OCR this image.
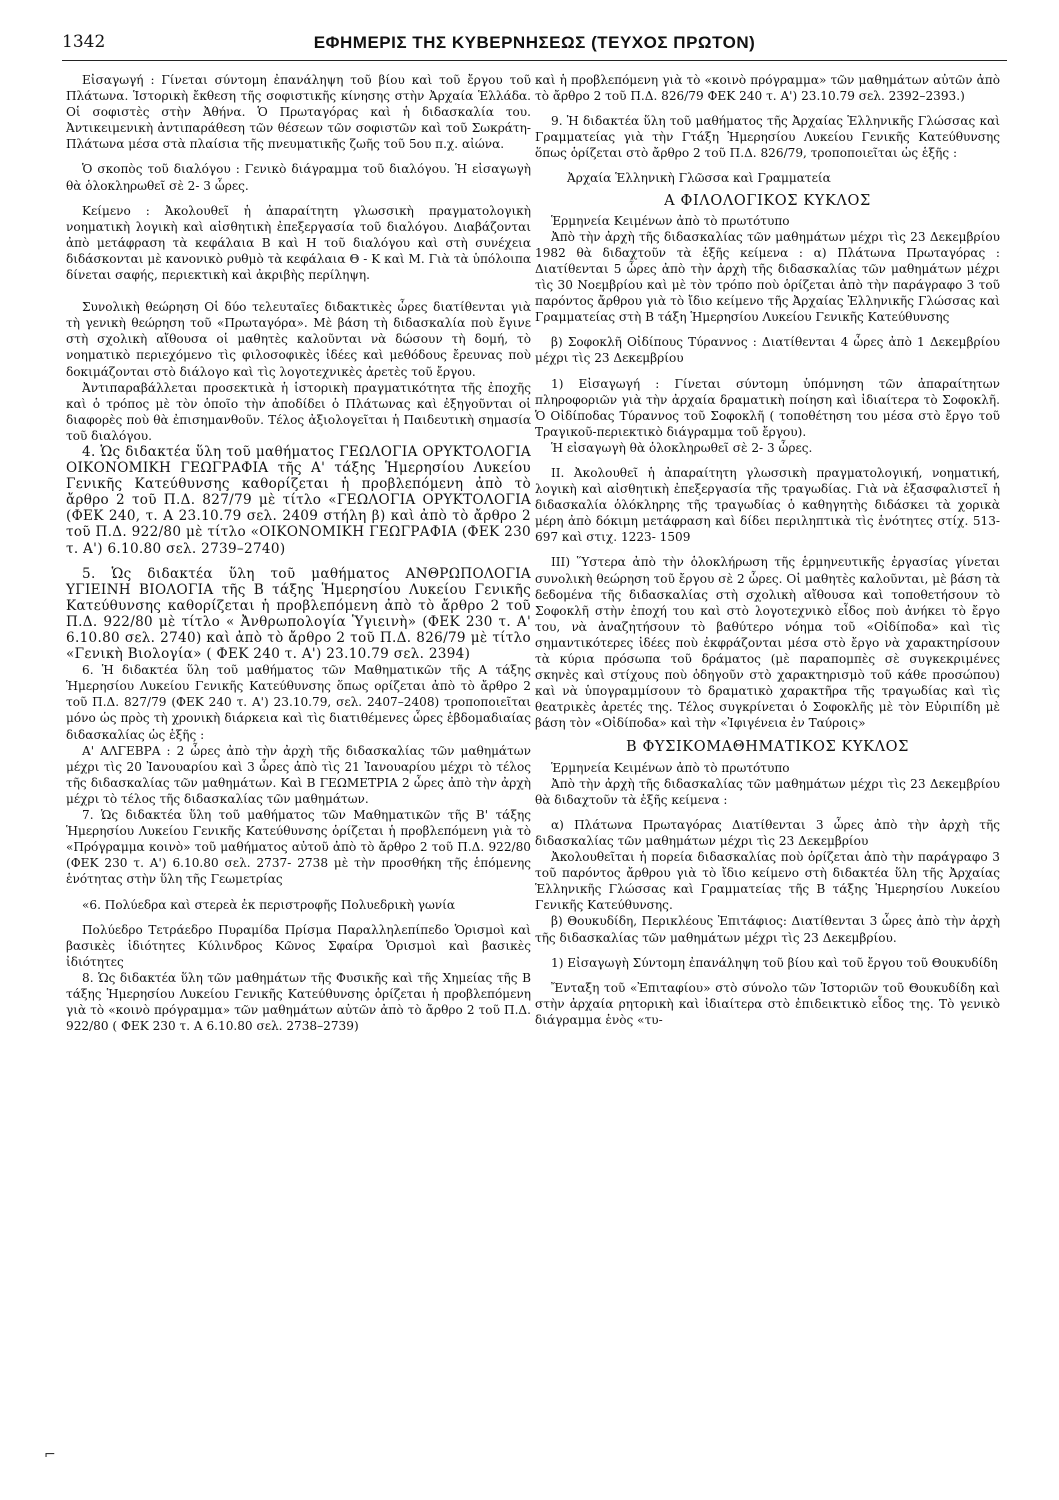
1342	ΕΦΗΜΕΡΙΣ ΤΗΣ ΚΥΒΕΡΝΗΣΕΩΣ (ΤΕΥΧΟΣ ΠΡΩΤΟΝ)

Εἰσαγωγή : Γίνεται σύντομη ἐπανάληψη τοῦ βίου καὶ τοῦ ἔργου τοῦ Πλάτωνα. Ἱστορικὴ ἔκθεση τῆς σοφιστικῆς κίνησης στὴν Ἀρχαία Ἑλλάδα. Οἱ σοφιστὲς στὴν Ἀθήνα. Ὁ Πρωταγόρας καὶ ἡ διδασκαλία του. Ἀντικειμενικὴ ἀντιπαράθεση τῶν θέσεων τῶν σοφιστῶν καὶ τοῦ Σωκράτη-Πλάτωνα μέσα στὰ πλαίσια τῆς πνευματικῆς ζωῆς τοῦ 5ου π.χ. αἰώνα.

Ὁ σκοπὸς τοῦ διαλόγου : Γενικὸ διάγραμμα τοῦ διαλόγου. Ἡ εἰσαγωγὴ θὰ ὁλοκληρωθεῖ σὲ 2- 3 ὧρες.

Κείμενο : Ἀκολουθεῖ ἡ ἀπαραίτητη γλωσσικὴ πραγματολογικὴ νοηματικὴ λογικὴ καὶ αἰσθητικὴ ἐπεξεργασία τοῦ διαλόγου. Διαβάζονται ἀπὸ μετάφραση τὰ κεφάλαια Β καὶ Η τοῦ διαλόγου καὶ στὴ συνέχεια διδάσκονται μὲ κανονικὸ ρυθμὸ τὰ κεφάλαια Θ - Κ καὶ Μ. Γιὰ τὰ ὑπόλοιπα δίνεται σαφής, περιεκτικὴ καὶ ἀκριβὴς περίληψη.

Συνολικὴ θεώρηση Οἱ δύο τελευταῖες διδακτικὲς ὧρες διατίθενται γιὰ τὴ γενικὴ θεώρηση τοῦ «Πρωταγόρα». Μὲ βάση τὴ διδασκαλία ποὺ ἔγινε στὴ σχολικὴ αἴθουσα οἱ μαθητὲς καλοῦνται νὰ δώσουν τὴ δομή, τὸ νοηματικὸ περιεχόμενο τὶς φιλοσοφικὲς ἰδέες καὶ μεθόδους ἔρευνας ποὺ δοκιμάζονται στὸ διάλογο καὶ τὶς λογοτεχνικὲς ἀρετὲς τοῦ ἔργου.

Ἀντιπαραβάλλεται προσεκτικὰ ἡ ἱστορικὴ πραγματικότητα τῆς ἐποχῆς καὶ ὁ τρόπος μὲ τὸν ὁποῖο τὴν ἀποδίδει ὁ Πλάτωνας καὶ ἐξηγοῦνται οἱ διαφορὲς ποὺ θὰ ἐπισημανθοῦν. Τέλος ἀξιολογεῖται ἡ Παιδευτικὴ σημασία τοῦ διαλόγου.

4. Ὡς διδακτέα ὕλη τοῦ μαθήματος ΓΕΩΛΟΓΙΑ ΟΡΥΚΤΟΛΟΓΙΑ ΟΙΚΟΝΟΜΙΚΗ ΓΕΩΓΡΑΦΙΑ τῆς Α' τάξης Ἡμερησίου Λυκείου Γενικῆς Κατεύθυνσης καθορίζεται ἡ προβλεπόμενη ἀπὸ τὸ ἄρθρο 2 τοῦ Π.Δ. 827/79 μὲ τίτλο «ΓΕΩΛΟΓΙΑ ΟΡΥΚΤΟΛΟΓΙΑ (ΦΕΚ 240, τ. Α 23.10.79 σελ. 2409 στήλη β) καὶ ἀπὸ τὸ ἄρθρο 2 τοῦ Π.Δ. 922/80 μὲ τίτλο «ΟΙΚΟΝΟΜΙΚΗ ΓΕΩΓΡΑΦΙΑ (ΦΕΚ 230 τ. Α') 6.10.80 σελ. 2739–2740)

5. Ὡς διδακτέα ὕλη τοῦ μαθήματος ΑΝΘΡΩΠΟΛΟΓΙΑ ΥΓΙΕΙΝΗ ΒΙΟΛΟΓΙΑ τῆς Β τάξης Ἡμερησίου Λυκείου Γενικῆς Κατεύθυνσης καθορίζεται ἡ προβλεπόμενη ἀπὸ τὸ ἄρθρο 2 τοῦ Π.Δ. 922/80 μὲ τίτλο « Ἀνθρωπολογία Ὑγιεινὴ» (ΦΕΚ 230 τ. Α' 6.10.80 σελ. 2740) καὶ ἀπὸ τὸ ἄρθρο 2 τοῦ Π.Δ. 826/79 μὲ τίτλο «Γενικὴ Βιολογία» ( ΦΕΚ 240 τ. Α') 23.10.79 σελ. 2394)

6. Ἡ διδακτέα ὕλη τοῦ μαθήματος τῶν Μαθηματικῶν τῆς Α τάξης Ἡμερησίου Λυκείου Γενικῆς Κατεύθυνσης ὅπως ορίζεται ἀπὸ τὸ ἄρθρο 2 τοῦ Π.Δ. 827/79 (ΦΕΚ 240 τ. Α') 23.10.79, σελ. 2407–2408) τροποποιεῖται μόνο ὡς πρὸς τὴ χρονικὴ διάρκεια καὶ τὶς διατιθέμενες ὧρες ἑβδομαδιαίας διδασκαλίας ὡς ἑξῆς :

Α' ΑΛΓΕΒΡΑ : 2 ὧρες ἀπὸ τὴν ἀρχὴ τῆς διδασκαλίας τῶν μαθημάτων μέχρι τὶς 20 Ἰανουαρίου καὶ 3 ὧρες ἀπὸ τὶς 21 Ἰανουαρίου μέχρι τὸ τέλος τῆς διδασκαλίας τῶν μαθημάτων. Καὶ Β ΓΕΩΜΕΤΡΙΑ 2 ὧρες ἀπὸ τὴν ἀρχὴ μέχρι τὸ τέλος τῆς διδασκαλίας τῶν μαθημάτων.

7. Ὡς διδακτέα ὕλη τοῦ μαθήματος τῶν Μαθηματικῶν τῆς Β' τάξης Ἡμερησίου Λυκείου Γενικῆς Κατεύθυνσης ὁρίζεται ἡ προβλεπόμενη γιὰ τὸ «Πρόγραμμα κοινὸ» τοῦ μαθήματος αὐτοῦ ἀπὸ τὸ ἄρθρο 2 τοῦ Π.Δ. 922/80 (ΦΕΚ 230 τ. Α') 6.10.80 σελ. 2737- 2738 μὲ τὴν προσθήκη τῆς ἑπόμενης ἑνότητας στὴν ὕλη τῆς Γεωμετρίας

«6. Πολύεδρα καὶ στερεὰ ἐκ περιστροφῆς Πολυεδρικὴ γωνία

Πολύεδρο Τετράεδρο Πυραμίδα Πρίσμα Παραλληλεπίπεδο Ὁρισμοὶ καὶ βασικὲς ἰδιότητες Κύλινδρος Κῶνος Σφαίρα Ὁρισμοὶ καὶ βασικὲς ἰδιότητες

8. Ὡς διδακτέα ὕλη τῶν μαθημάτων τῆς Φυσικῆς καὶ τῆς Χημείας τῆς Β τάξης Ἡμερησίου Λυκείου Γενικῆς Κατεύθυνσης ὁρίζεται ἡ προβλεπόμενη γιὰ τὸ «κοινὸ πρόγραμμα» τῶν μαθημάτων αὐτῶν ἀπὸ τὸ ἄρθρο 2 τοῦ Π.Δ. 922/80 ( ΦΕΚ 230 τ. Α 6.10.80 σελ. 2738–2739)

καὶ ἡ προβλεπόμενη γιὰ τὸ «κοινὸ πρόγραμμα» τῶν μαθημάτων αὐτῶν ἀπὸ τὸ ἄρθρο 2 τοῦ Π.Δ. 826/79 ΦΕΚ 240 τ. Α') 23.10.79 σελ. 2392–2393.)

9. Ἡ διδακτέα ὕλη τοῦ μαθήματος τῆς Ἀρχαίας Ἑλληνικῆς Γλώσσας καὶ Γραμματείας γιὰ τὴν Γτάξη Ἡμερησίου Λυκείου Γενικῆς Κατεύθυνσης ὅπως ὁρίζεται στὸ ἄρθρο 2 τοῦ Π.Δ. 826/79, τροποποιεῖται ὡς ἑξῆς :

Ἀρχαία Ἑλληνικὴ Γλῶσσα καὶ Γραμματεία

Α ΦΙΛΟΛΟΓΙΚΟΣ ΚΥΚΛΟΣ

Ἑρμηνεία Κειμένων ἀπὸ τὸ πρωτότυπο

Ἀπὸ τὴν ἀρχὴ τῆς διδασκαλίας τῶν μαθημάτων μέχρι τὶς 23 Δεκεμβρίου 1982 θὰ διδαχτοῦν τὰ ἑξῆς κείμενα : α) Πλάτωνα Πρωταγόρας : Διατίθενται 5 ὧρες ἀπὸ τὴν ἀρχὴ τῆς διδασκαλίας τῶν μαθημάτων μέχρι τὶς 30 Νοεμβρίου καὶ μὲ τὸν τρόπο ποὺ ὁρίζεται ἀπὸ τὴν παράγραφο 3 τοῦ παρόντος ἄρθρου γιὰ τὸ ἴδιο κείμενο τῆς Ἀρχαίας Ἑλληνικῆς Γλώσσας καὶ Γραμματείας στὴ Β τάξη Ἡμερησίου Λυκείου Γενικῆς Κατεύθυνσης

β) Σοφοκλῆ Οἰδίπους Τύραννος : Διατίθενται 4 ὧρες ἀπὸ 1 Δεκεμβρίου μέχρι τὶς 23 Δεκεμβρίου

1) Εἰσαγωγή : Γίνεται σύντομη ὑπόμνηση τῶν ἀπαραίτητων πληροφοριῶν γιὰ τὴν ἀρχαία δραματικὴ ποίηση καὶ ἰδιαίτερα τὸ Σοφοκλῆ. Ὁ Οἰδίποδας Τύραννος τοῦ Σοφοκλῆ ( τοποθέτηση του μέσα στὸ ἔργο τοῦ Τραγικοῦ-περιεκτικὸ διάγραμμα τοῦ ἔργου).

Ἡ εἰσαγωγὴ θὰ ὁλοκληρωθεῖ σὲ 2- 3 ὧρες.

ΙΙ. Ἀκολουθεῖ ἡ ἀπαραίτητη γλωσσικὴ πραγματολογική, νοηματική, λογικὴ καὶ αἰσθητικὴ ἐπεξεργασία τῆς τραγωδίας. Γιὰ νὰ ἐξασφαλιστεῖ ἡ διδασκαλία ὁλόκληρης τῆς τραγωδίας ὁ καθηγητὴς διδάσκει τὰ χορικὰ μέρη ἀπὸ δόκιμη μετάφραση καὶ δίδει περιληπτικὰ τὶς ἑνότητες στίχ. 513- 697 καὶ στιχ. 1223- 1509

ΙΙΙ) Ὕστερα ἀπὸ τὴν ὁλοκλήρωση τῆς ἑρμηνευτικῆς ἐργασίας γίνεται συνολικὴ θεώρηση τοῦ ἔργου σὲ 2 ὧρες. Οἱ μαθητὲς καλοῦνται, μὲ βάση τὰ δεδομένα τῆς διδασκαλίας στὴ σχολικὴ αἴθουσα καὶ τοποθετήσουν τὸ Σοφοκλῆ στὴν ἐποχή του καὶ στὸ λογοτεχνικὸ εἶδος ποὺ ἀνήκει τὸ ἔργο του, νὰ ἀναζητήσουν τὸ βαθύτερο νόημα τοῦ «Οἰδίποδα» καὶ τὶς σημαντικότερες ἰδέες ποὺ ἐκφράζονται μέσα στὸ ἔργο νὰ χαρακτηρίσουν τὰ κύρια πρόσωπα τοῦ δράματος (μὲ παραπομπὲς σὲ συγκεκριμένες σκηνὲς καὶ στίχους ποὺ ὁδηγοῦν στὸ χαρακτηρισμὸ τοῦ κάθε προσώπου) καὶ νὰ ὑπογραμμίσουν τὸ δραματικὸ χαρακτῆρα τῆς τραγωδίας καὶ τὶς θεατρικὲς ἀρετές της. Τέλος συγκρίνεται ὁ Σοφοκλῆς μὲ τὸν Εὐριπίδη μὲ βάση τὸν «Οἰδίποδα» καὶ τὴν «Ἰφιγένεια ἐν Ταύροις»

Β ΦΥΣΙΚΟΜΑΘΗΜΑΤΙΚΟΣ ΚΥΚΛΟΣ

Ἑρμηνεία Κειμένων ἀπὸ τὸ πρωτότυπο

Ἀπὸ τὴν ἀρχὴ τῆς διδασκαλίας τῶν μαθημάτων μέχρι τὶς 23 Δεκεμβρίου θὰ διδαχτοῦν τὰ ἑξῆς κείμενα :

α) Πλάτωνα Πρωταγόρας Διατίθενται 3 ὧρες ἀπὸ τὴν ἀρχὴ τῆς διδασκαλίας τῶν μαθημάτων μέχρι τὶς 23 Δεκεμβρίου

Ἀκολουθεῖται ἡ πορεία διδασκαλίας ποὺ ὁρίζεται ἀπὸ τὴν παράγραφο 3 τοῦ παρόντος ἄρθρου γιὰ τὸ ἴδιο κείμενο στὴ διδακτέα ὕλη τῆς Ἀρχαίας Ἑλληνικῆς Γλώσσας καὶ Γραμματείας τῆς Β τάξης Ἡμερησίου Λυκείου Γενικῆς Κατεύθυνσης.

β) Θουκυδίδη, Περικλέους Ἐπιτάφιος: Διατίθενται 3 ὧρες ἀπὸ τὴν ἀρχὴ τῆς διδασκαλίας τῶν μαθημάτων μέχρι τὶς 23 Δεκεμβρίου.

1) Εἰσαγωγὴ Σύντομη ἐπανάληψη τοῦ βίου καὶ τοῦ ἔργου τοῦ Θουκυδίδη

Ἔνταξη τοῦ «Ἐπιταφίου» στὸ σύνολο τῶν Ἱστοριῶν τοῦ Θουκυδίδη καὶ στὴν ἀρχαία ρητορικὴ καὶ ἰδιαίτερα στὸ ἐπιδεικτικὸ εἶδος της. Τὸ γενικὸ διάγραμμα ἑνὸς «τυ-

⌐
